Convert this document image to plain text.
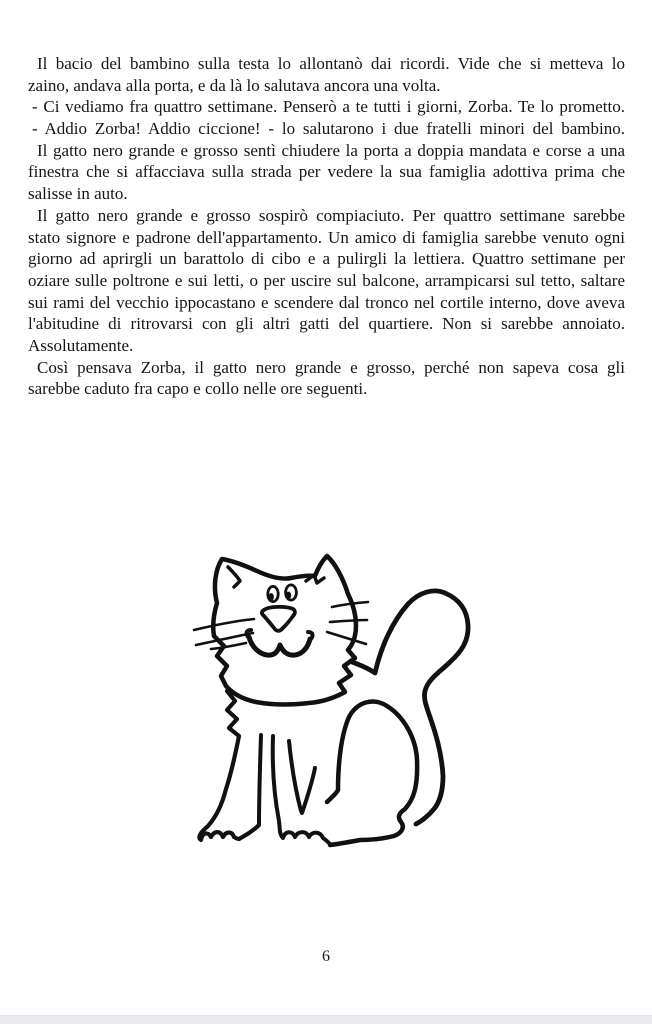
Il bacio del bambino sulla testa lo allontanò dai ricordi. Vide che si metteva lo
zaino, andava alla porta, e da là lo salutava ancora una volta.
- Ci vediamo fra quattro settimane. Penserò a te tutti i giorni, Zorba. Te lo prometto.
- Addio Zorba! Addio ciccione! - lo salutarono i due fratelli minori del bambino.
Il gatto nero grande e grosso sentì chiudere la porta a doppia mandata e corse a una
finestra che si affacciava sulla strada per vedere la sua famiglia adottiva prima che
salisse in auto.
Il gatto nero grande e grosso sospirò compiaciuto. Per quattro settimane sarebbe
stato signore e padrone dell'appartamento. Un amico di famiglia sarebbe venuto ogni
giorno ad aprirgli un barattolo di cibo e a pulirgli la lettiera. Quattro settimane per
oziare sulle poltrone e sui letti, o per uscire sul balcone, arrampicarsi sul tetto, saltare
sui rami del vecchio ippocastano e scendere dal tronco nel cortile interno, dove aveva
l'abitudine di ritrovarsi con gli altri gatti del quartiere. Non si sarebbe annoiato.
Assolutamente.
Così pensava Zorba, il gatto nero grande e grosso, perché non sapeva cosa gli
sarebbe caduto fra capo e collo nelle ore seguenti.
6
